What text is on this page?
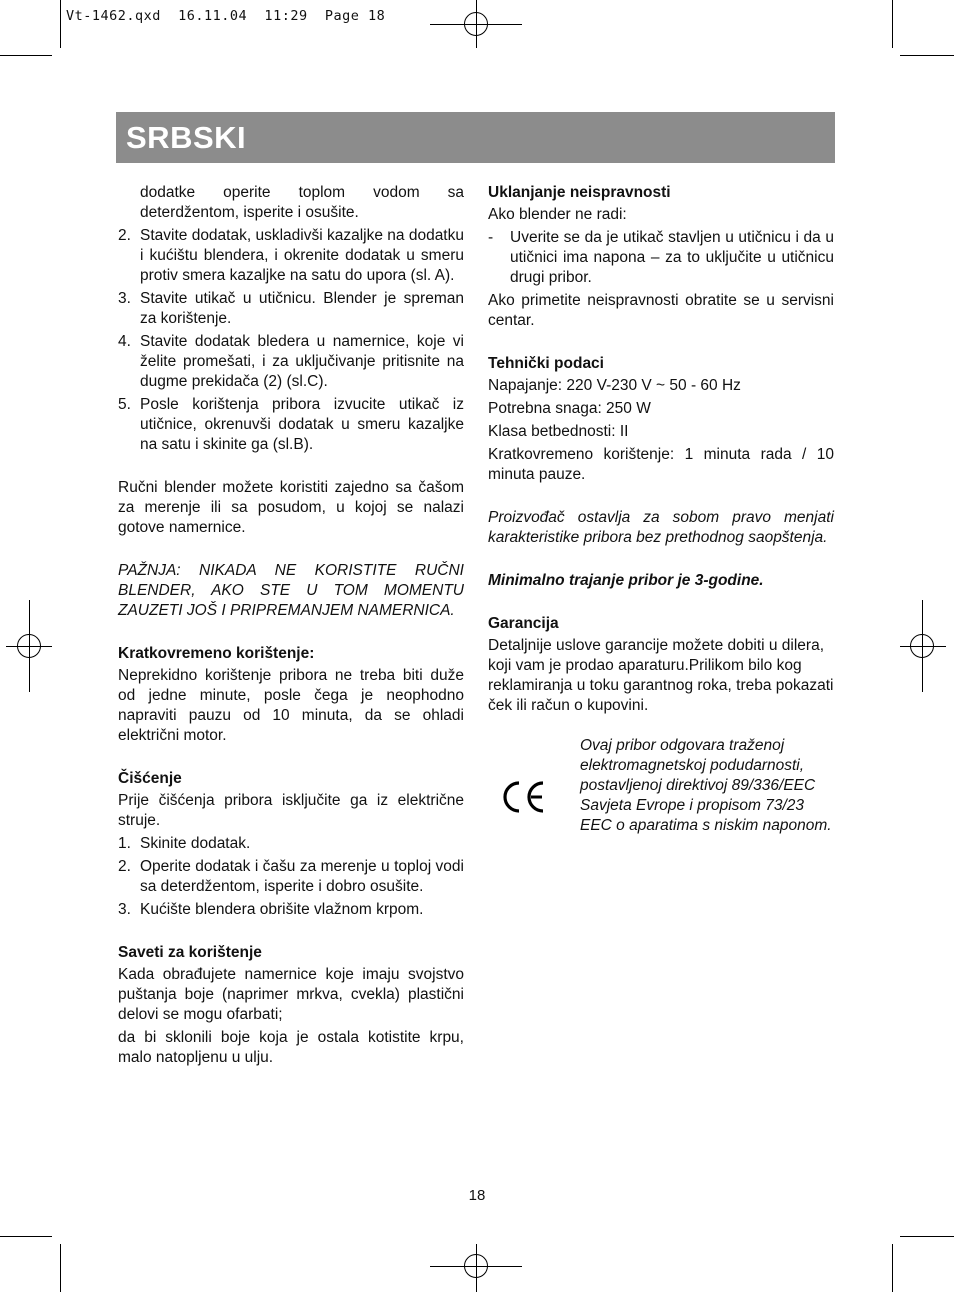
Vt-1462.qxd  16.11.04  11:29  Page 18
SRBSKI

dodatke operite toplom vodom sa deterdžentom, isperite i osušite.

2. Stavite dodatak, uskladivši kazaljke na dodatku i kućištu blendera, i okrenite dodatak u smeru protiv smera kazaljke na satu do upora (sl. A).
3. Stavite utikač u utičnicu. Blender je spreman za korištenje.
4. Stavite dodatak bledera u namernice, koje vi želite promešati, i za uključivanje pritisnite na dugme prekidača (2) (sl.C).
5. Posle korištenja pribora izvucite utikač iz utičnice, okrenuvši dodatak u smeru kazaljke na satu i skinite ga (sl.B).

Ručni blender možete koristiti zajedno sa čašom za merenje ili sa posudom, u kojoj se nalazi gotove namernice.

PAŽNJA: NIKADA NE KORISTITE RUČNI BLENDER, AKO STE U TOM MOMENTU ZAUZETI JOŠ I PRIPREMANJEM NAMERNICA.

Kratkovremeno korištenje:

Neprekidno korištenje pribora ne treba biti duže od jedne minute, posle čega je neophodno napraviti pauzu od 10 minuta, da se ohladi električni motor.

Čišćenje

Prije čišćenja pribora isključite ga iz električne struje.

1. Skinite dodatak.
2. Operite dodatak i čašu za merenje u toploj vodi sa deterdžentom, isperite i dobro osušite.
3. Kućište blendera obrišite vlažnom krpom.

Saveti za korištenje

Kada obrađujete namernice koje imaju svojstvo puštanja boje (naprimer mrkva, cvekla) plastični delovi se mogu ofarbati;

da bi sklonili boje koja je ostala kotistite krpu, malo natopljenu u ulju.

Uklanjanje neispravnosti

Ako blender ne radi:

-	Uverite se da je utikač stavljen u utičnicu i da u utičnici ima napona – za to uključite u utičnicu drugi pribor.

Ako primetite neispravnosti obratite se u servisni centar.

Tehnički podaci

Napajanje: 220 V-230 V ~ 50 - 60 Hz

Potrebna snaga: 250 W

Klasa betbednosti: II

Kratkovremeno korištenje: 1 minuta rada / 10 minuta pauze.

Proizvođač ostavlja za sobom pravo menjati karakteristike pribora bez prethodnog saopštenja.

Minimalno trajanje pribor je 3-godine.

Garancija

Detaljnije uslove garancije možete dobiti u dilera, koji vam je prodao aparaturu.Prilikom bilo kog reklamiranja u toku garantnog roka, treba pokazati ček ili račun o kupovini.

Ovaj pribor odgovara traženoj elektromagnetskoj podudarnosti, postavljenoj direktivoj 89/336/EEC Savjeta Evrope i propisom 73/23 EEC o aparatima s niskim naponom.
18
